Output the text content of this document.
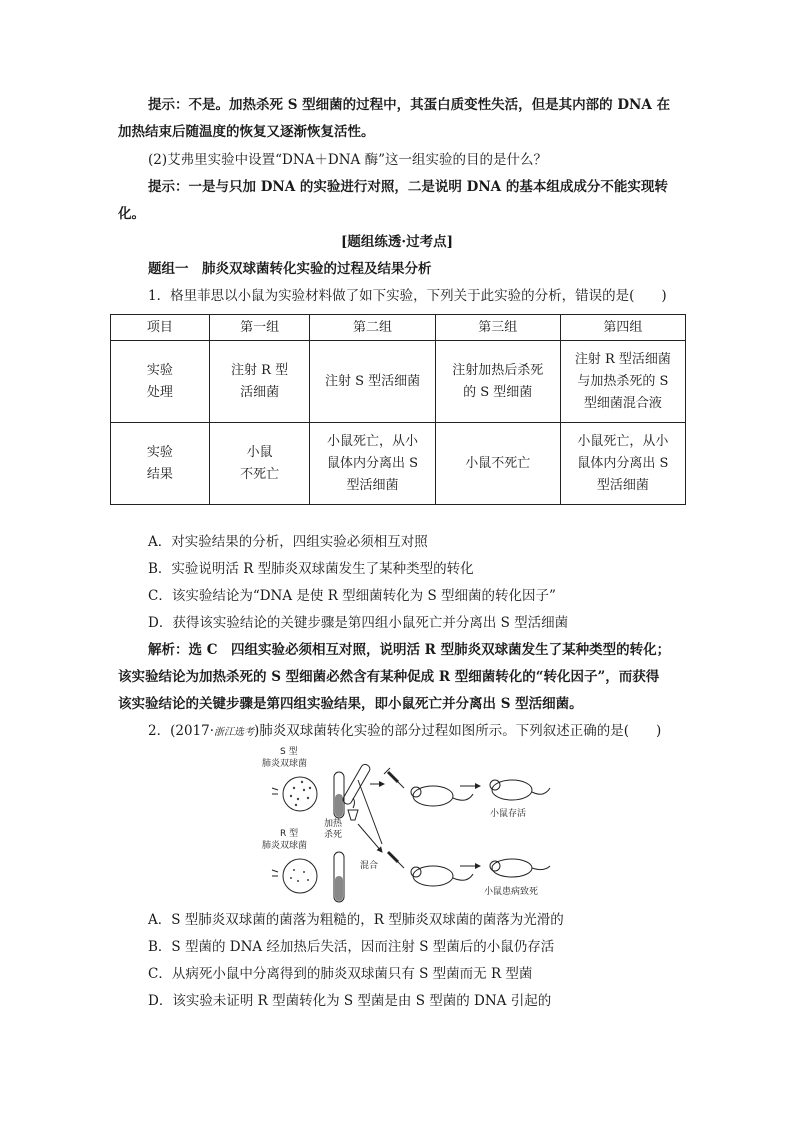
提示：不是。加热杀死 S 型细菌的过程中，其蛋白质变性失活，但是其内部的 DNA 在
加热结束后随温度的恢复又逐渐恢复活性。
(2)艾弗里实验中设置“DNA＋DNA 酶”这一组实验的目的是什么？
提示：一是与只加 DNA 的实验进行对照，二是说明 DNA 的基本组成成分不能实现转
化。
[题组练透·过考点]
题组一　肺炎双球菌转化实验的过程及结果分析
1．格里菲思以小鼠为实验材料做了如下实验，下列关于此实验的分析，错误的是(　　)
项目	第一组	第二组	第三组	第四组

实验
处理	注射 R 型
活细菌	注射 S 型活细菌	注射加热后杀死
的 S 型细菌	注射 R 型活细菌
与加热杀死的 S
型细菌混合液

实验
结果	小鼠
不死亡	小鼠死亡，从小
鼠体内分离出 S
型活细菌	小鼠不死亡	小鼠死亡，从小
鼠体内分离出 S
型活细菌
A．对实验结果的分析，四组实验必须相互对照
B．实验说明活 R 型肺炎双球菌发生了某种类型的转化
C．该实验结论为“DNA 是使 R 型细菌转化为 S 型细菌的转化因子”
D．获得该实验结论的关键步骤是第四组小鼠死亡并分离出 S 型活细菌
解析：选 C　四组实验必须相互对照，说明活 R 型肺炎双球菌发生了某种类型的转化；
该实验结论为加热杀死的 S 型细菌必然含有某种促成 R 型细菌转化的“转化因子”，而获得
该实验结论的关键步骤是第四组实验结果，即小鼠死亡并分离出 S 型活细菌。
2．(2017·浙江选考)肺炎双球菌转化实验的部分过程如图所示。下列叙述正确的是(　　)
S 型
肺炎双球菌
加热
杀死
小鼠存活
R 型
肺炎双球菌
混合
小鼠患病致死
A．S 型肺炎双球菌的菌落为粗糙的，R 型肺炎双球菌的菌落为光滑的
B．S 型菌的 DNA 经加热后失活，因而注射 S 型菌后的小鼠仍存活
C．从病死小鼠中分离得到的肺炎双球菌只有 S 型菌而无 R 型菌
D．该实验未证明 R 型菌转化为 S 型菌是由 S 型菌的 DNA 引起的
